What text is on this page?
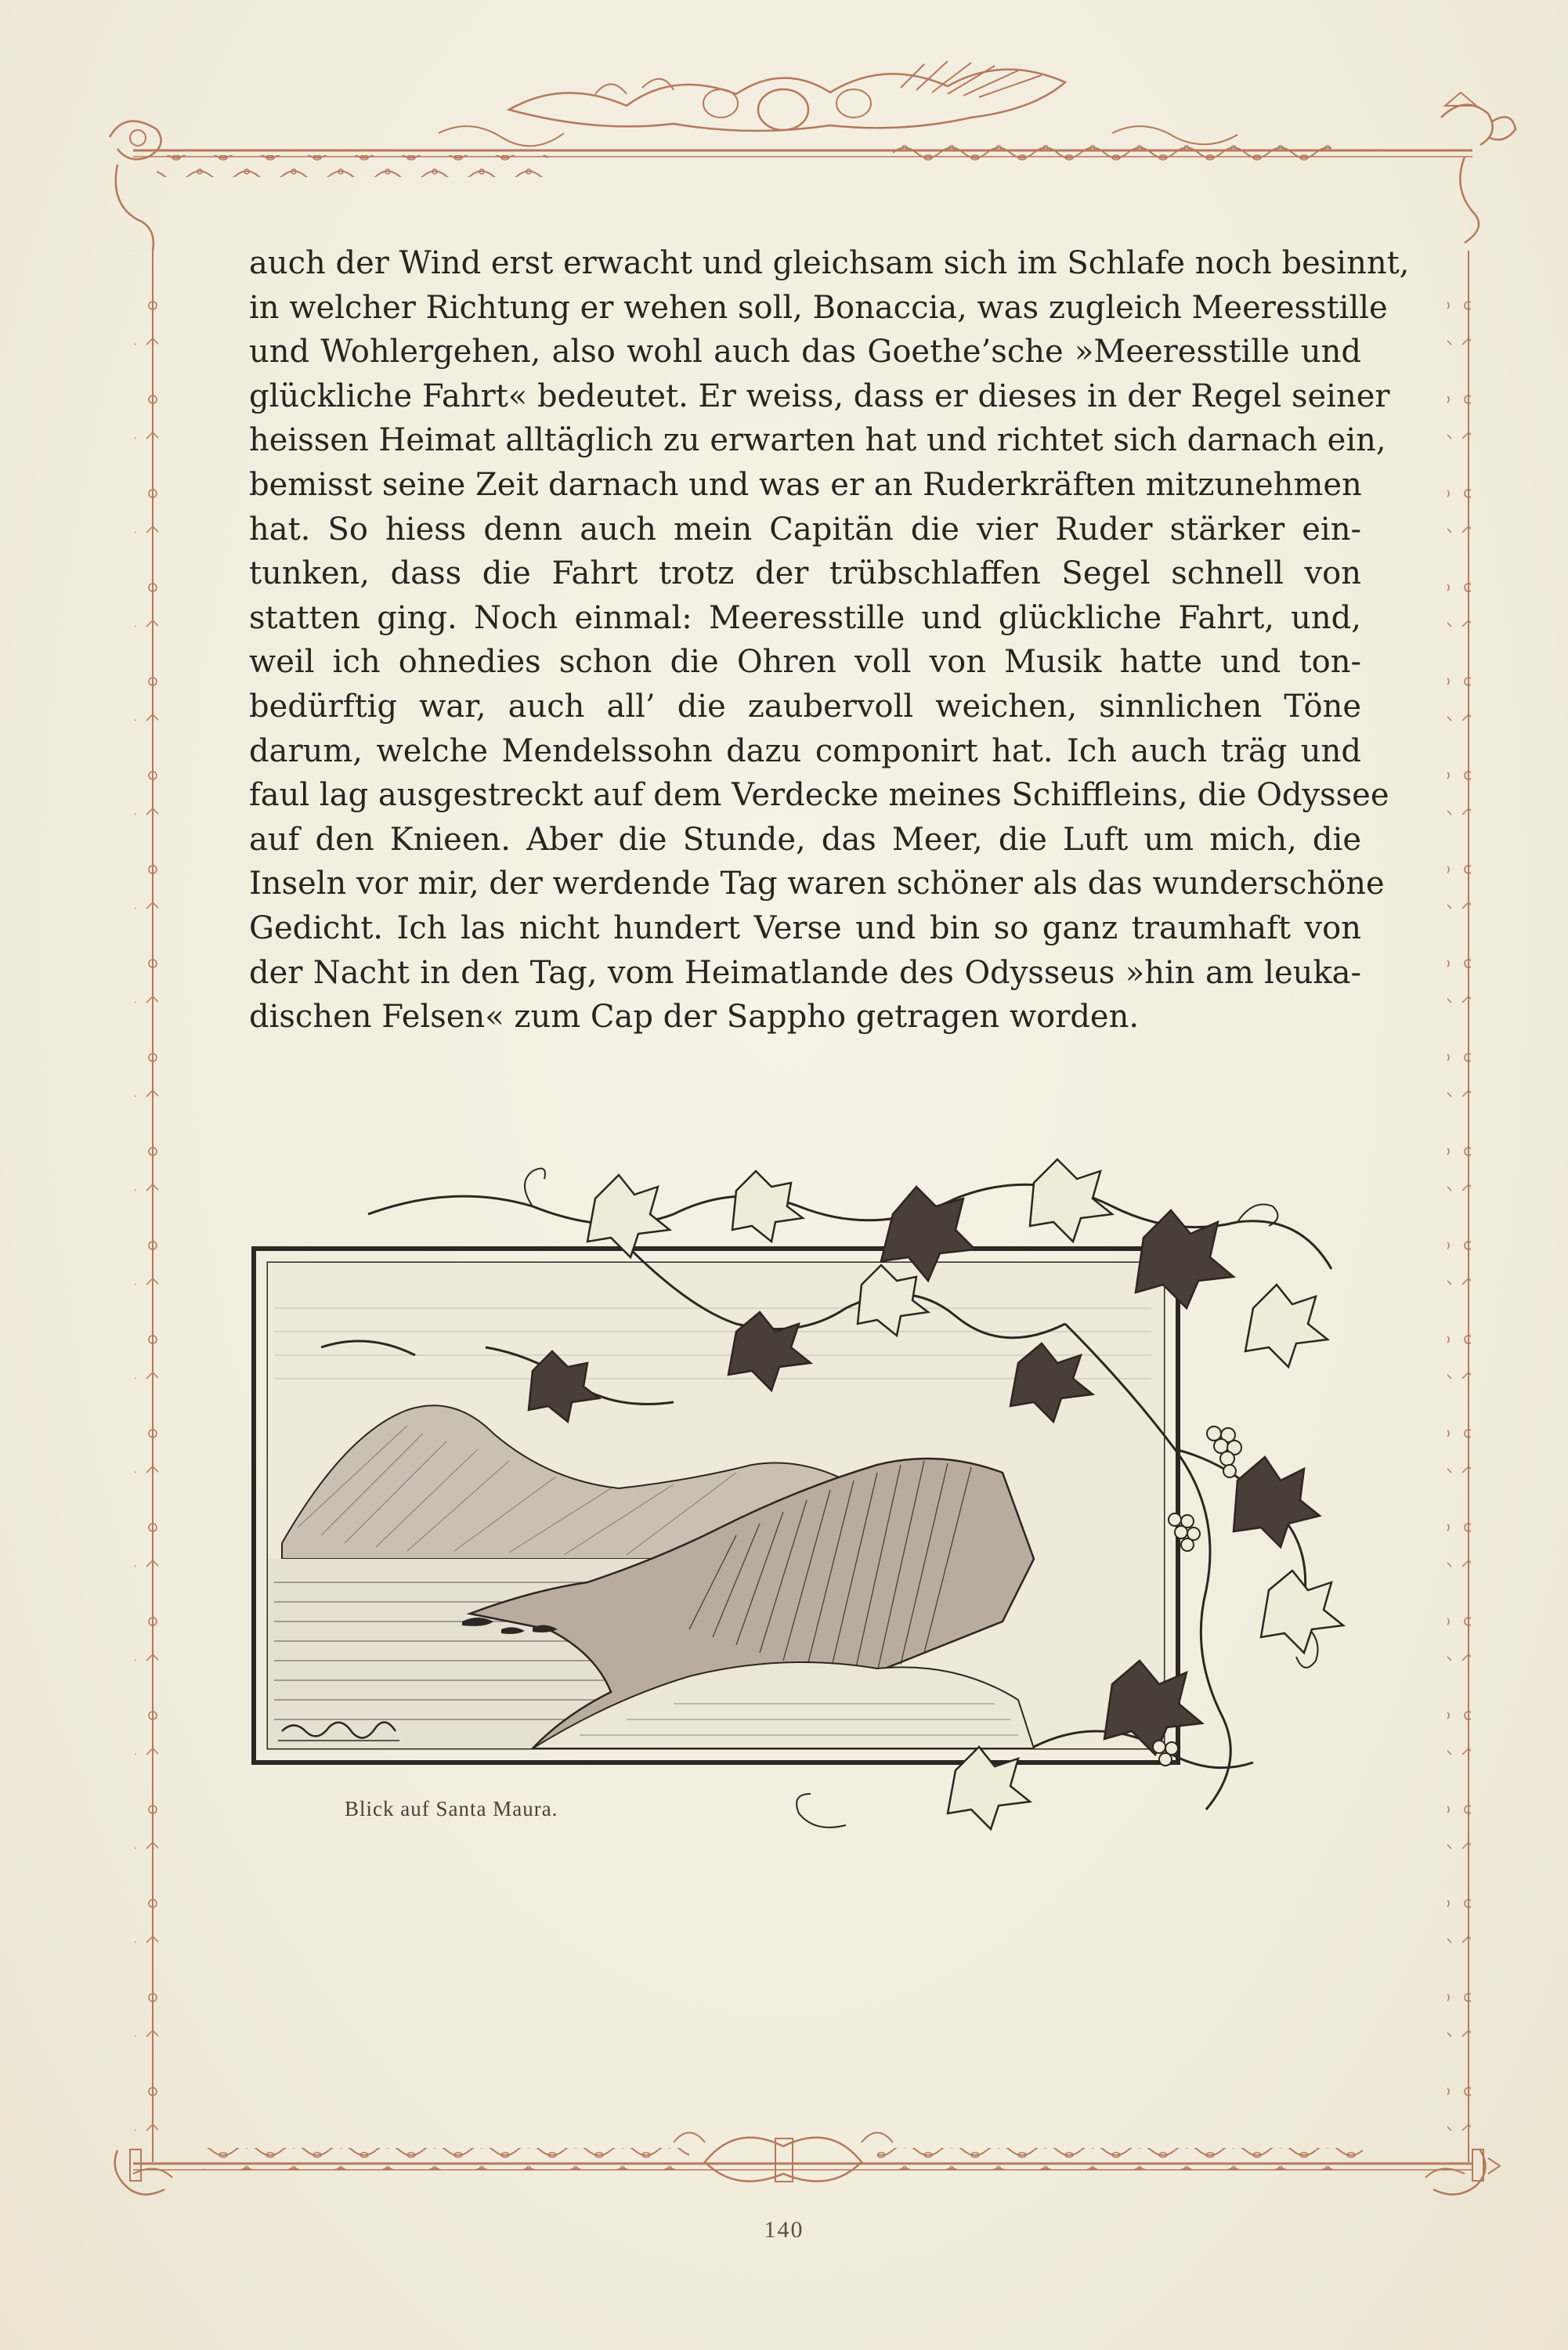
auch der Wind erst erwacht und gleichsam sich im Schlafe noch besinnt,
in welcher Richtung er wehen soll, Bonaccia, was zugleich Meeresstille
und Wohlergehen, also wohl auch das Goethe’sche »Meeresstille und
glückliche Fahrt« bedeutet. Er weiss, dass er dieses in der Regel seiner
heissen Heimat alltäglich zu erwarten hat und richtet sich darnach ein,
bemisst seine Zeit darnach und was er an Ruderkräften mitzunehmen
hat. So hiess denn auch mein Capitän die vier Ruder stärker ein-
tunken, dass die Fahrt trotz der trübschlaffen Segel schnell von
statten ging. Noch einmal: Meeresstille und glückliche Fahrt, und,
weil ich ohnedies schon die Ohren voll von Musik hatte und ton-
bedürftig war, auch all’ die zaubervoll weichen, sinnlichen Töne
darum, welche Mendelssohn dazu componirt hat. Ich auch träg und
faul lag ausgestreckt auf dem Verdecke meines Schiffleins, die Odyssee
auf den Knieen. Aber die Stunde, das Meer, die Luft um mich, die
Inseln vor mir, der werdende Tag waren schöner als das wunderschöne
Gedicht. Ich las nicht hundert Verse und bin so ganz traumhaft von
der Nacht in den Tag, vom Heimatlande des Odysseus »hin am leuka-
dischen Felsen« zum Cap der Sappho getragen worden.
Blick auf Santa Maura.
140
